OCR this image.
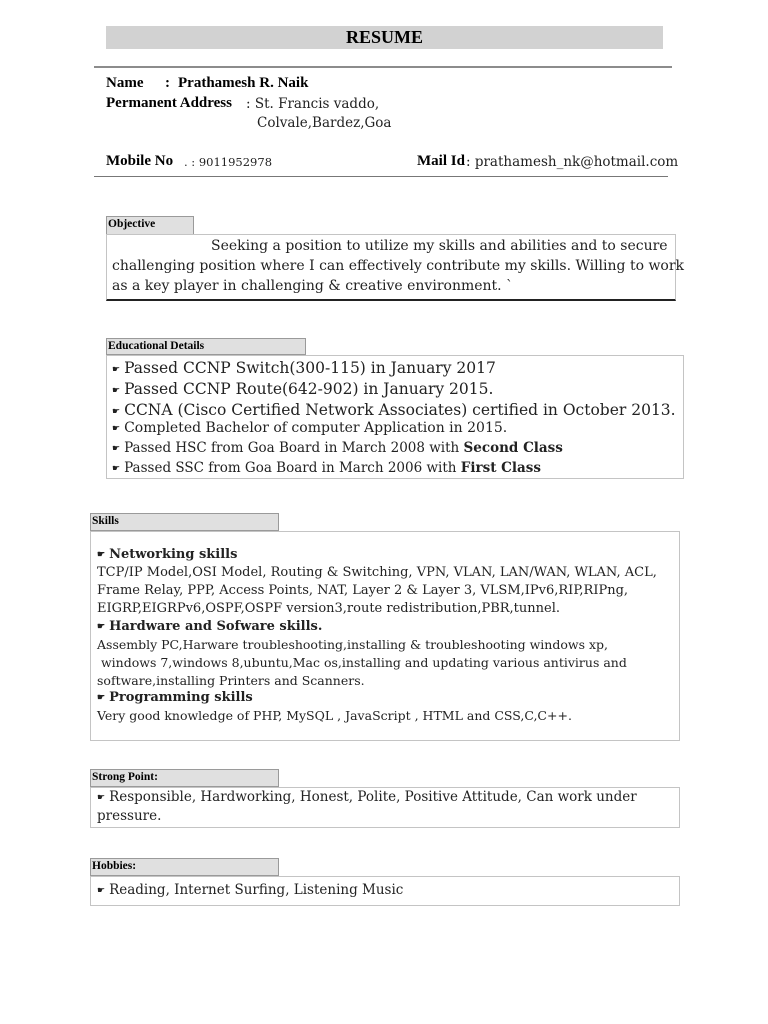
RESUME
Name : Prathamesh R. Naik
Permanent Address : St. Francis vaddo,
Colvale,Bardez,Goa
Mobile No . : 9011952978	Mail Id : prathamesh_nk@hotmail.com
Objective
Seeking a position to utilize my skills and abilities and to secure
challenging position where I can effectively contribute my skills. Willing to work
as a key player in challenging & creative environment. `
Educational Details
☛ Passed CCNP Switch(300-115) in January 2017
☛ Passed CCNP Route(642-902) in January 2015.
☛ CCNA (Cisco Certified Network Associates) certified in October 2013.
☛ Completed Bachelor of computer Application in 2015.
☛ Passed HSC from Goa Board in March 2008 with Second Class
☛ Passed SSC from Goa Board in March 2006 with First Class
Skills
☛ Networking skills
TCP/IP Model,OSI Model, Routing & Switching, VPN, VLAN, LAN/WAN, WLAN, ACL,
Frame Relay, PPP, Access Points, NAT, Layer 2 & Layer 3, VLSM,IPv6,RIP,RIPng,
EIGRP,EIGRPv6,OSPF,OSPF version3,route redistribution,PBR,tunnel.
☛ Hardware and Sofware skills.
Assembly PC,Harware troubleshooting,installing & troubleshooting windows xp,
windows 7,windows 8,ubuntu,Mac os,installing and updating various antivirus and
software,installing Printers and Scanners.
☛ Programming skills
Very good knowledge of PHP, MySQL , JavaScript , HTML and CSS,C,C++.
Strong Point:
☛ Responsible, Hardworking, Honest, Polite, Positive Attitude, Can work under
pressure.
Hobbies:
☛ Reading, Internet Surfing, Listening Music
